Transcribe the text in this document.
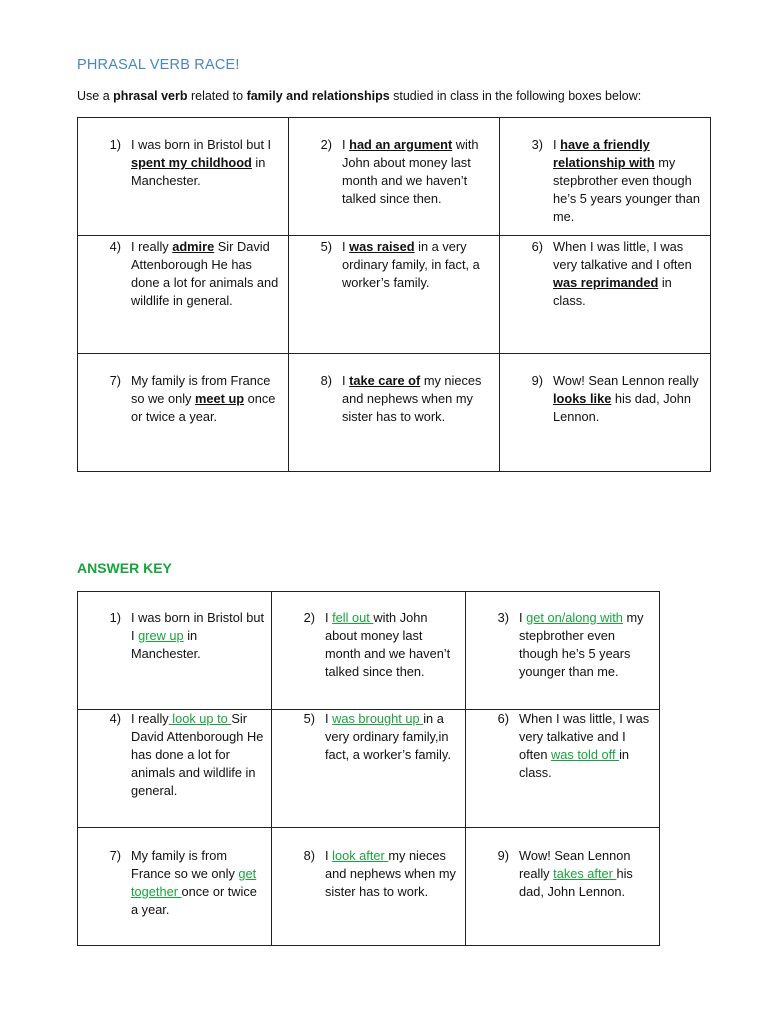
PHRASAL VERB RACE!
Use a phrasal verb related to family and relationships studied in class in the following boxes below:
1) I was born in Bristol but I spent my childhood in Manchester.	2) I had an argument with John about money last month and we haven’t talked since then.	3) I have a friendly relationship with my stepbrother even though he’s 5 years younger than me.

4) I really admire Sir David Attenborough He has done a lot for animals and wildlife in general.	5) I was raised in a very ordinary family, in fact, a worker’s family.	6) When I was little, I was very talkative and I often was reprimanded in class.

7) My family is from France so we only meet up once or twice a year.	8) I take care of my nieces and nephews when my sister has to work.	9) Wow! Sean Lennon really looks like his dad, John Lennon.
ANSWER KEY
1) I was born in Bristol but I grew up in Manchester.	2) I fell out with John about money last month and we haven’t talked since then.	3) I get on/along with my stepbrother even though he’s 5 years younger than me.

4) I really look up to Sir David Attenborough He has done a lot for animals and wildlife in general.	5) I was brought up in a very ordinary family,in fact, a worker’s family.	6) When I was little, I was very talkative and I often was told off in class.

7) My family is from France so we only get together once or twice a year.	8) I look after my nieces and nephews when my sister has to work.	9) Wow! Sean Lennon really takes after his dad, John Lennon.
